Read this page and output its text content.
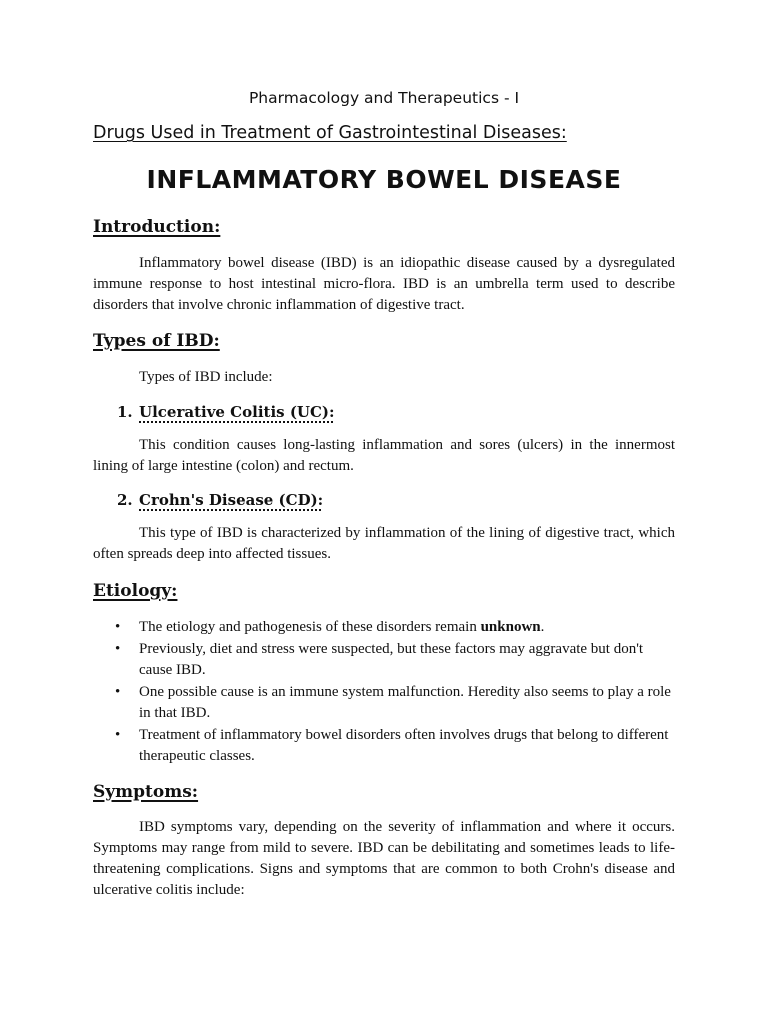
Pharmacology and Therapeutics - I
Drugs Used in Treatment of Gastrointestinal Diseases:
INFLAMMATORY BOWEL DISEASE
Introduction:

Inflammatory bowel disease (IBD) is an idiopathic disease caused by a dysregulated immune response to host intestinal micro-flora. IBD is an umbrella term used to describe disorders that involve chronic inflammation of digestive tract.

Types of IBD:

Types of IBD include:

1. Ulcerative Colitis (UC):

This condition causes long-lasting inflammation and sores (ulcers) in the innermost lining of large intestine (colon) and rectum.

2. Crohn's Disease (CD):

This type of IBD is characterized by inflammation of the lining of digestive tract, which often spreads deep into affected tissues.

Etiology:
• The etiology and pathogenesis of these disorders remain unknown.
• Previously, diet and stress were suspected, but these factors may aggravate but don't cause IBD.
• One possible cause is an immune system malfunction. Heredity also seems to play a role in that IBD.
• Treatment of inflammatory bowel disorders often involves drugs that belong to different therapeutic classes.
Symptoms:

IBD symptoms vary, depending on the severity of inflammation and where it occurs. Symptoms may range from mild to severe. IBD can be debilitating and sometimes leads to life-threatening complications. Signs and symptoms that are common to both Crohn's disease and ulcerative colitis include:
